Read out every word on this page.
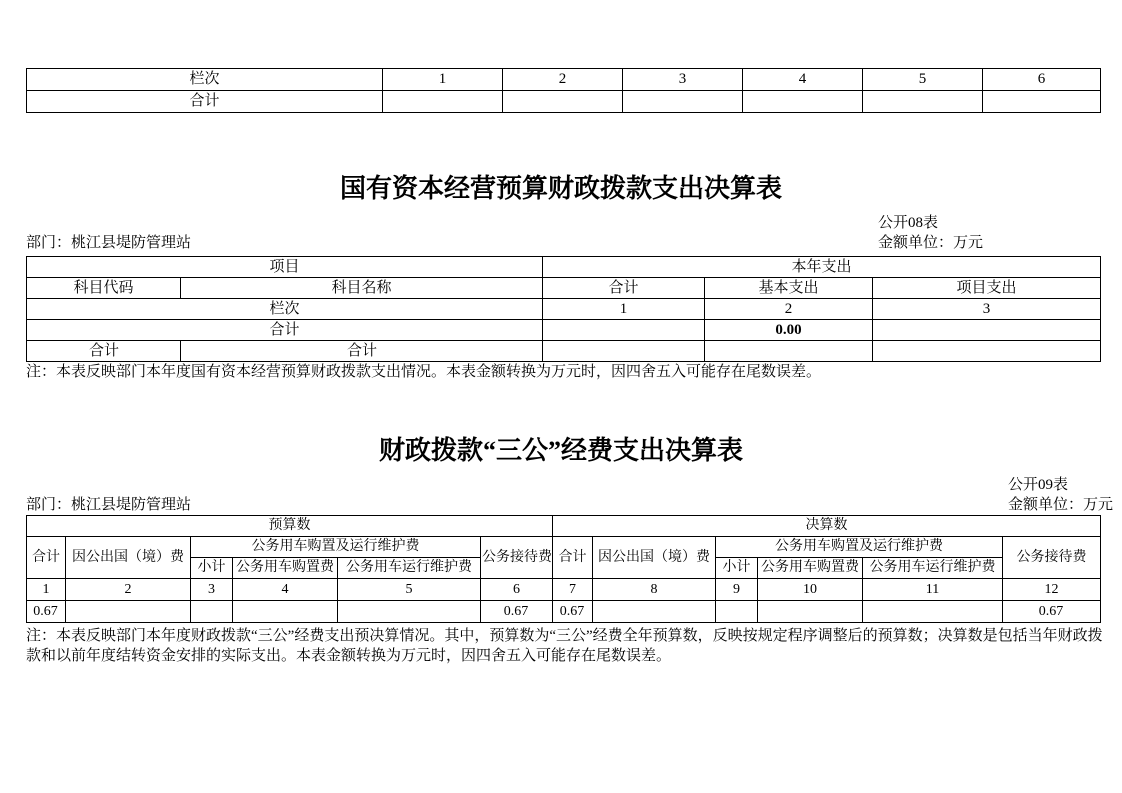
栏次	1	2	3	4	5	6
合计						
国有资本经营预算财政拨款支出决算表
公开08表
部门：桃江县堤防管理站	金额单位：万元
项目		本年支出		
科目代码	科目名称	合计	基本支出	项目支出
栏次		1	2	3
合计			0.00	
合计	合计			
注：本表反映部门本年度国有资本经营预算财政拨款支出情况。本表金额转换为万元时，因四舍五入可能存在尾数误差。
财政拨款“三公”经费支出决算表
公开09表
部门：桃江县堤防管理站	金额单位：万元
预算数						决算数					
合计	因公出国（境）费	公务用车购置及运行维护费			公务接待费	合计	因公出国（境）费	公务用车购置及运行维护费			公务接待费
		小计	公务用车购置费	公务用车运行维护费				小计	公务用车购置费	公务用车运行维护费	
1	2	3	4	5	6	7	8	9	10	11	12
0.67					0.67	0.67					0.67
注：本表反映部门本年度财政拨款“三公”经费支出预决算情况。其中，预算数为“三公”经费全年预算数，反映按规定程序调整后的预算数；决算数是包括当年财政拨款和以前年度结转资金安排的实际支出。本表金额转换为万元时，因四舍五入可能存在尾数误差。
